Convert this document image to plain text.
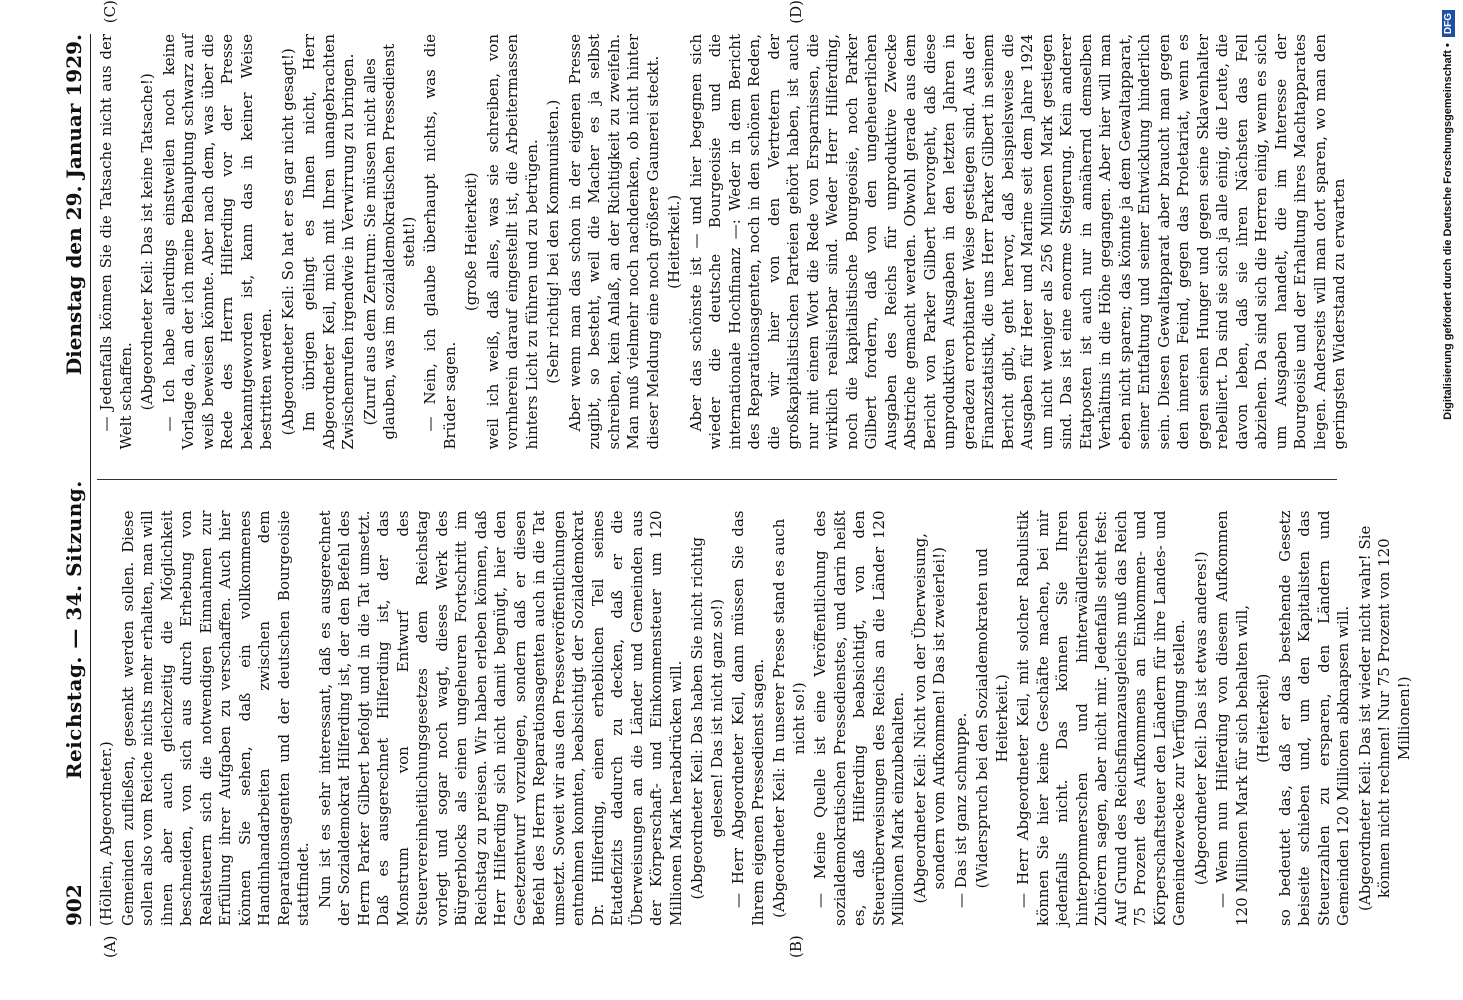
902
Reichstag. — 34. Sitzung.
Dienstag den 29. Januar 1929.
(A)	(B)

(Höllein, Abgeordneter.) Gemeinden zufließen, gesenkt werden sollen. Diese sollen also vom Reiche nichts mehr erhalten, man will ihnen aber auch gleichzeitig die Möglichkeit beschneiden, von sich aus durch Erhebung von Realsteuern sich die notwendigen Einnahmen zur Erfüllung ihrer Aufgaben zu verschaffen. Auch hier können Sie sehen, daß ein vollkommenes Handinhandarbeiten zwischen dem Reparationsagenten und der deutschen Bourgeoisie stattfindet. Nun ist es sehr interessant, daß es ausgerechnet der Sozialdemokrat Hilferding ist, der den Befehl des Herrn Parker Gilbert befolgt und in die Tat umsetzt. Daß es ausgerechnet Hilferding ist, der das Monstrum von Entwurf des Steuervereinheitlichungsgesetzes dem Reichstag vorlegt und sogar noch wagt, dieses Werk des Bürgerblocks als einen ungeheuren Fortschritt im Reichstag zu preisen. Wir haben erleben können, daß Herr Hilferding sich nicht damit begnügt, hier den Gesetzentwurf vorzulegen, sondern daß er diesen Befehl des Herrn Reparationsagenten auch in die Tat umsetzt. Soweit wir aus den Presseveröffentlichungen entnehmen konnten, beabsichtigt der Sozialdemokrat Dr. Hilferding, einen erheblichen Teil seines Etatdefizits dadurch zu decken, daß er die Überweisungen an die Länder und Gemeinden aus der Körperschaft- und Einkommensteuer um 120 Millionen Mark herabdrücken will. (Abgeordneter Keil: Das haben Sie nicht richtig gelesen! Das ist nicht ganz so!) — Herr Abgeordneter Keil, dann müssen Sie das Ihrem eigenen Pressedienst sagen. (Abgeordneter Keil: In unserer Presse stand es auch nicht so!) — Meine Quelle ist eine Veröffentlichung des sozialdemokratischen Pressedienstes, und darin heißt es, daß Hilferding beabsichtigt, von den Steuerüberweisungen des Reichs an die Länder 120 Millionen Mark einzubehalten. (Abgeordneter Keil: Nicht von der Überweisung, sondern vom Aufkommen! Das ist zweierlei!) — Das ist ganz schnuppe. (Widerspruch bei den Sozialdemokraten und Heiterkeit.) — Herr Abgeordneter Keil, mit solcher Rabulistik können Sie hier keine Geschäfte machen, bei mir jedenfalls nicht. Das können Sie Ihren hinterpommerschen und hinterwäldlerischen Zuhörern sagen, aber nicht mir. Jedenfalls steht fest: Auf Grund des Reichsfinanzausgleichs muß das Reich 75 Prozent des Aufkommens an Einkommen- und Körperschaftsteuer den Ländern für ihre Landes- und Gemeindezwecke zur Verfügung stellen. (Abgeordneter Keil: Das ist etwas anderes!) — Wenn nun Hilferding von diesem Aufkommen 120 Millionen Mark für sich behalten will, (Heiterkeit) so bedeutet das, daß er das bestehende Gesetz beiseite schieben und, um den Kapitalisten das Steuerzahlen zu ersparen, den Ländern und Gemeinden 120 Millionen abknapsen will. (Abgeordneter Keil: Das ist wieder nicht wahr! Sie können nicht rechnen! Nur 75 Prozent von 120 Millionen!)

(C)	(D)

— Jedenfalls können Sie die Tatsache nicht aus der Welt schaffen. (Abgeordneter Keil: Das ist keine Tatsache!) — Ich habe allerdings einstweilen noch keine Vorlage da, an der ich meine Behauptung schwarz auf weiß beweisen könnte. Aber nach dem, was über die Rede des Herrn Hilferding vor der Presse bekanntgeworden ist, kann das in keiner Weise bestritten werden. (Abgeordneter Keil: So hat er es gar nicht gesagt!) Im übrigen gelingt es Ihnen nicht, Herr Abgeordneter Keil, mich mit Ihren unangebrachten Zwischenrufen irgendwie in Verwirrung zu bringen. (Zuruf aus dem Zentrum: Sie müssen nicht alles glauben, was im sozialdemokratischen Pressedienst steht!) — Nein, ich glaube überhaupt nichts, was die Brüder sagen.

(große Heiterkeit) weil ich weiß, daß alles, was sie schreiben, von vornherein darauf eingestellt ist, die Arbeitermassen hinters Licht zu führen und zu betrügen. (Sehr richtig! bei den Kommunisten.) Aber wenn man das schon in der eigenen Presse zugibt, so besteht, weil die Macher es ja selbst schreiben, kein Anlaß, an der Richtigkeit zu zweifeln. Man muß vielmehr noch nachdenken, ob nicht hinter dieser Meldung eine noch größere Gaunerei steckt. (Heiterkeit.) Aber das schönste ist — und hier begegnen sich wieder die deutsche Bourgeoisie und die internationale Hochfinanz —: Weder in dem Bericht des Reparationsagenten, noch in den schönen Reden, die wir hier von den Vertretern der großkapitalistischen Parteien gehört haben, ist auch nur mit einem Wort die Rede von Ersparnissen, die wirklich realisierbar sind. Weder Herr Hilferding, noch die kapitalistische Bourgeoisie, noch Parker Gilbert fordern, daß von den ungeheuerlichen Ausgaben des Reichs für unproduktive Zwecke Abstriche gemacht werden. Obwohl gerade aus dem Bericht von Parker Gilbert hervorgeht, daß diese unproduktiven Ausgaben in den letzten Jahren in geradezu erorbitanter Weise gestiegen sind. Aus der Finanzstatistik, die uns Herr Parker Gilbert in seinem Bericht gibt, geht hervor, daß beispielsweise die Ausgaben für Heer und Marine seit dem Jahre 1924 um nicht weniger als 256 Millionen Mark gestiegen sind. Das ist eine enorme Steigerung. Kein anderer Etatposten ist auch nur in annähernd demselben Verhältnis in die Höhe gegangen. Aber hier will man eben nicht sparen; das könnte ja dem Gewaltapparat, seiner Entfaltung und seiner Entwicklung hinderlich sein. Diesen Gewaltapparat aber braucht man gegen den inneren Feind, gegen das Proletariat, wenn es gegen seinen Hunger und gegen seine Sklavenhalter rebelliert. Da sind sie sich ja alle einig, die Leute, die davon leben, daß sie ihren Nächsten das Fell abziehen. Da sind sich die Herren einig, wenn es sich um Ausgaben handelt, die im Interesse der Bourgeoisie und der Erhaltung ihres Machtapparates liegen. Anderseits will man dort sparen, wo man den geringsten Widerstand zu erwarten	Digitalisierung gefördert durch die Deutsche Forschungsgemeinschaft •
DFG
